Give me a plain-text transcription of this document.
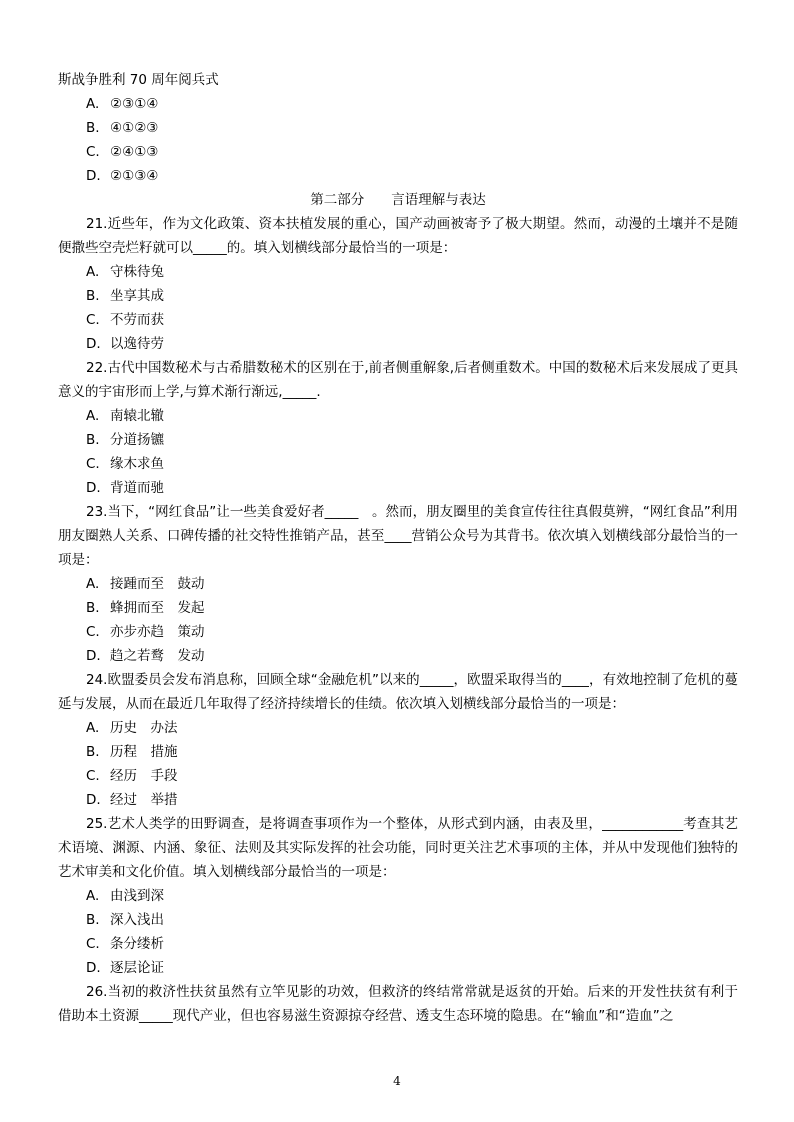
斯战争胜利 70 周年阅兵式
A. ②③①④
B. ④①②③
C. ②④①③
D. ②①③④
第二部分　　言语理解与表达
21.近些年，作为文化政策、资本扶植发展的重心，国产动画被寄予了极大期望。然而，动漫的土壤并不是随便撒些空壳烂籽就可以_____的。填入划横线部分最恰当的一项是：
A. 守株待兔
B. 坐享其成
C. 不劳而获
D. 以逸待劳
22.古代中国数秘术与古希腊数秘术的区别在于,前者侧重解象,后者侧重数术。中国的数秘术后来发展成了更具意义的宇宙形而上学,与算术渐行渐远,_____.
A. 南辕北辙
B. 分道扬镳
C. 缘木求鱼
D. 背道而驰
23.当下，“网红食品”让一些美食爱好者_____　。然而，朋友圈里的美食宣传往往真假莫辨，“网红食品”利用朋友圈熟人关系、口碑传播的社交特性推销产品，甚至____营销公众号为其背书。依次填入划横线部分最恰当的一项是：
A. 接踵而至　鼓动
B. 蜂拥而至　发起
C. 亦步亦趋　策动
D. 趋之若鹜　发动
24.欧盟委员会发布消息称，回顾全球“金融危机”以来的_____，欧盟采取得当的____，有效地控制了危机的蔓延与发展，从而在最近几年取得了经济持续增长的佳绩。依次填入划横线部分最恰当的一项是：
A. 历史　办法
B. 历程　措施
C. 经历　手段
D. 经过　举措
25.艺术人类学的田野调查，是将调查事项作为一个整体，从形式到内涵，由表及里，____________考查其艺术语境、渊源、内涵、象征、法则及其实际发挥的社会功能，同时更关注艺术事项的主体，并从中发现他们独特的艺术审美和文化价值。填入划横线部分最恰当的一项是：
A. 由浅到深
B. 深入浅出
C. 条分缕析
D. 逐层论证
26.当初的救济性扶贫虽然有立竿见影的功效，但救济的终结常常就是返贫的开始。后来的开发性扶贫有利于借助本土资源_____现代产业，但也容易滋生资源掠夺经营、透支生态环境的隐患。在“输血”和“造血”之
4
